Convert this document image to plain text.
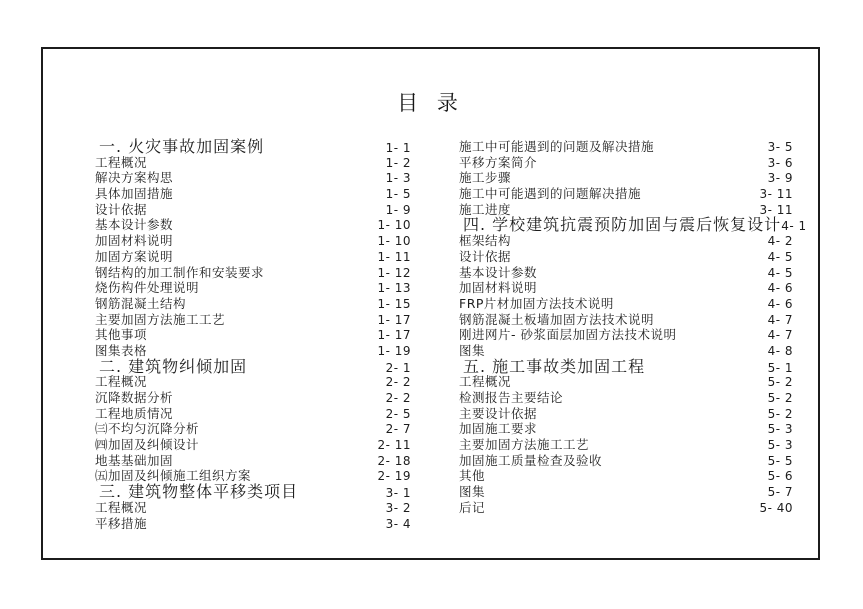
目 录
一. 火灾事故加固案例	1- 1
工程概况	1- 2
解决方案构思	1- 3
具体加固措施	1- 5
设计依据	1- 9
基本设计参数	1- 10
加固材料说明	1- 10
加固方案说明	1- 11
钢结构的加工制作和安装要求	1- 12
烧伤构件处理说明	1- 13
钢筋混凝土结构	1- 15
主要加固方法施工工艺	1- 17
其他事项	1- 17
图集表格	1- 19
二. 建筑物纠倾加固	2- 1
工程概况	2- 2
沉降数据分析	2- 2
工程地质情况	2- 5
㈢不均匀沉降分析	2- 7
㈣加固及纠倾设计	2- 11
地基基础加固	2- 18
㈤加固及纠倾施工组织方案	2- 19
三. 建筑物整体平移类项目	3- 1
工程概况	3- 2
平移措施	3- 4
施工中可能遇到的问题及解决措施	3- 5
平移方案简介	3- 6
施工步骤	3- 9
施工中可能遇到的问题解决措施	3- 11
施工进度	3- 11
四. 学校建筑抗震预防加固与震后恢复设计 4- 1
框架结构	4- 2
设计依据	4- 5
基本设计参数	4- 5
加固材料说明	4- 6
FRP片材加固方法技术说明	4- 6
钢筋混凝土板墙加固方法技术说明	4- 7
刚进网片- 砂浆面层加固方法技术说明	4- 7
图集	4- 8
五. 施工事故类加固工程	5- 1
工程概况	5- 2
检测报告主要结论	5- 2
主要设计依据	5- 2
加固施工要求	5- 3
主要加固方法施工工艺	5- 3
加固施工质量检查及验收	5- 5
其他	5- 6
图集	5- 7
后记	5- 40
